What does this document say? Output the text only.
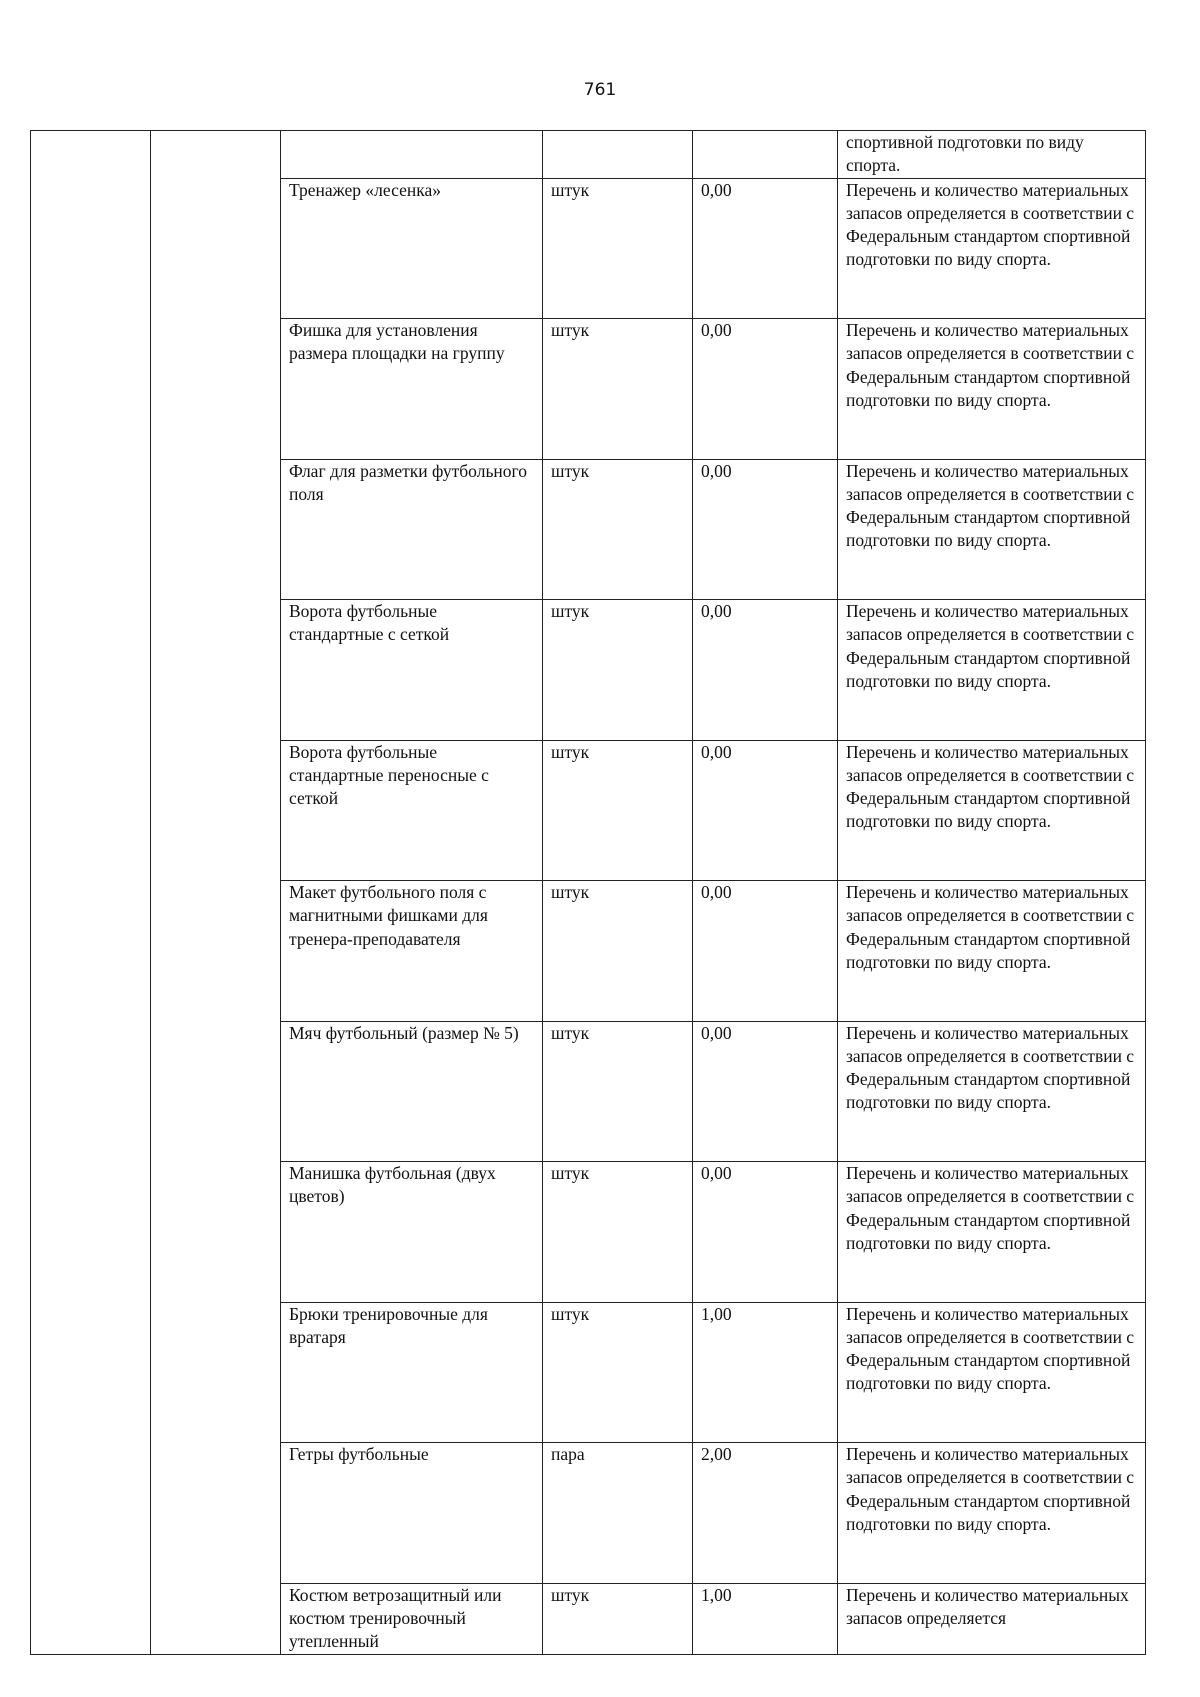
761
					спортивной подготовки по виду спорта.
		Тренажер «лесенка»	штук	0,00	Перечень и количество материальных запасов определяется в соответствии с Федеральным стандартом спортивной подготовки по виду спорта.
		Фишка для установления размера площадки на группу	штук	0,00	Перечень и количество материальных запасов определяется в соответствии с Федеральным стандартом спортивной подготовки по виду спорта.
		Флаг для разметки футбольного поля	штук	0,00	Перечень и количество материальных запасов определяется в соответствии с Федеральным стандартом спортивной подготовки по виду спорта.
		Ворота футбольные стандартные с сеткой	штук	0,00	Перечень и количество материальных запасов определяется в соответствии с Федеральным стандартом спортивной подготовки по виду спорта.
		Ворота футбольные стандартные переносные с сеткой	штук	0,00	Перечень и количество материальных запасов определяется в соответствии с Федеральным стандартом спортивной подготовки по виду спорта.
		Макет футбольного поля с магнитными фишками для тренера-преподавателя	штук	0,00	Перечень и количество материальных запасов определяется в соответствии с Федеральным стандартом спортивной подготовки по виду спорта.
		Мяч футбольный (размер № 5)	штук	0,00	Перечень и количество материальных запасов определяется в соответствии с Федеральным стандартом спортивной подготовки по виду спорта.
		Манишка футбольная (двух цветов)	штук	0,00	Перечень и количество материальных запасов определяется в соответствии с Федеральным стандартом спортивной подготовки по виду спорта.
		Брюки тренировочные для вратаря	штук	1,00	Перечень и количество материальных запасов определяется в соответствии с Федеральным стандартом спортивной подготовки по виду спорта.
		Гетры футбольные	пара	2,00	Перечень и количество материальных запасов определяется в соответствии с Федеральным стандартом спортивной подготовки по виду спорта.
		Костюм ветрозащитный или костюм тренировочный утепленный	штук	1,00	Перечень и количество материальных запасов определяется
